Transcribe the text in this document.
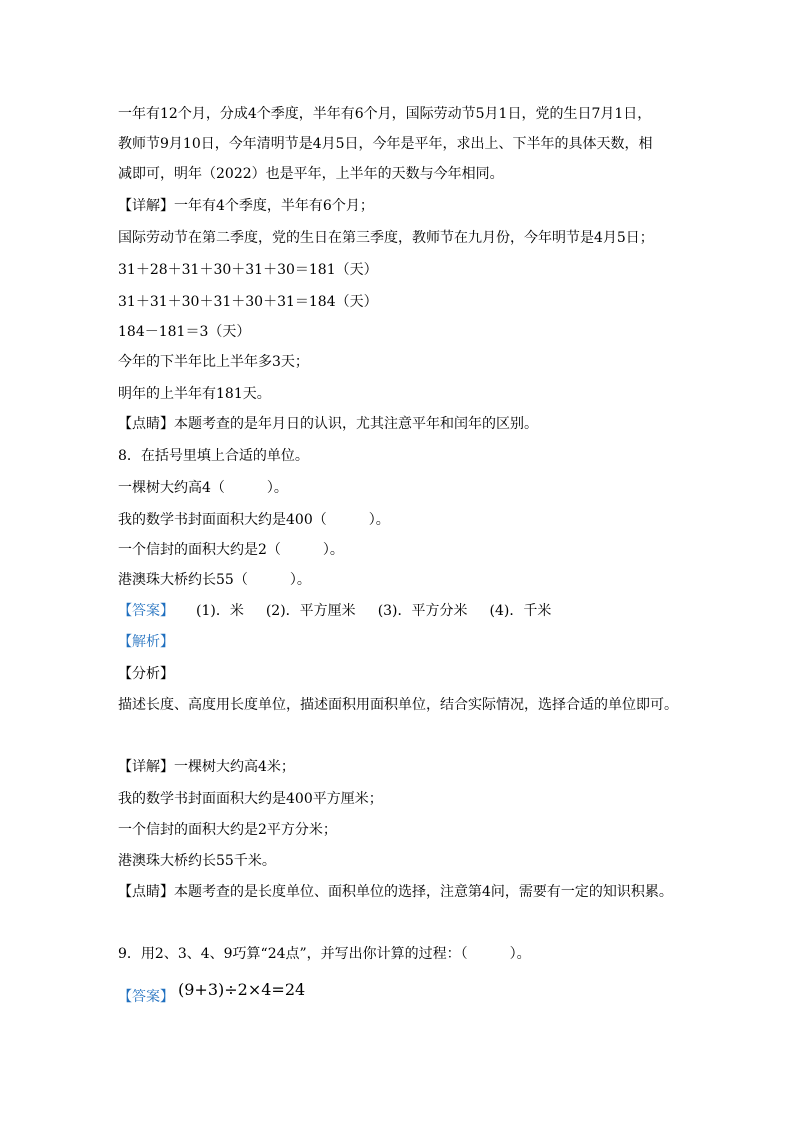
一年有12个月，分成4个季度，半年有6个月，国际劳动节5月1日，党的生日7月1日，
教师节9月10日，今年清明节是4月5日，今年是平年，求出上、下半年的具体天数，相
减即可，明年（2022）也是平年，上半年的天数与今年相同。
【详解】一年有4个季度，半年有6个月；
国际劳动节在第二季度，党的生日在第三季度，教师节在九月份，今年明节是4月5日；
31＋28＋31＋30＋31＋30＝181（天）
31＋31＋30＋31＋30＋31＝184（天）
184－181＝3（天）
今年的下半年比上半年多3天；
明年的上半年有181天。
【点睛】本题考查的是年月日的认识，尤其注意平年和闰年的区别。
8．在括号里填上合适的单位。
一棵树大约高4（　　　）。
我的数学书封面面积大约是400（　　　）。
一个信封的面积大约是2（　　　）。
港澳珠大桥约长55（　　　）。
【答案】 (1)．米 (2)．平方厘米 (3)．平方分米 (4)．千米
【解析】
【分析】
描述长度、高度用长度单位，描述面积用面积单位，结合实际情况，选择合适的单位即可。
【详解】一棵树大约高4米；
我的数学书封面面积大约是400平方厘米；
一个信封的面积大约是2平方分米；
港澳珠大桥约长55千米。
【点睛】本题考查的是长度单位、面积单位的选择，注意第4问，需要有一定的知识积累。
9．用2、3、4、9巧算“24点”，并写出你计算的过程：（　　　）。
【答案】 (9+3)÷2×4=24
